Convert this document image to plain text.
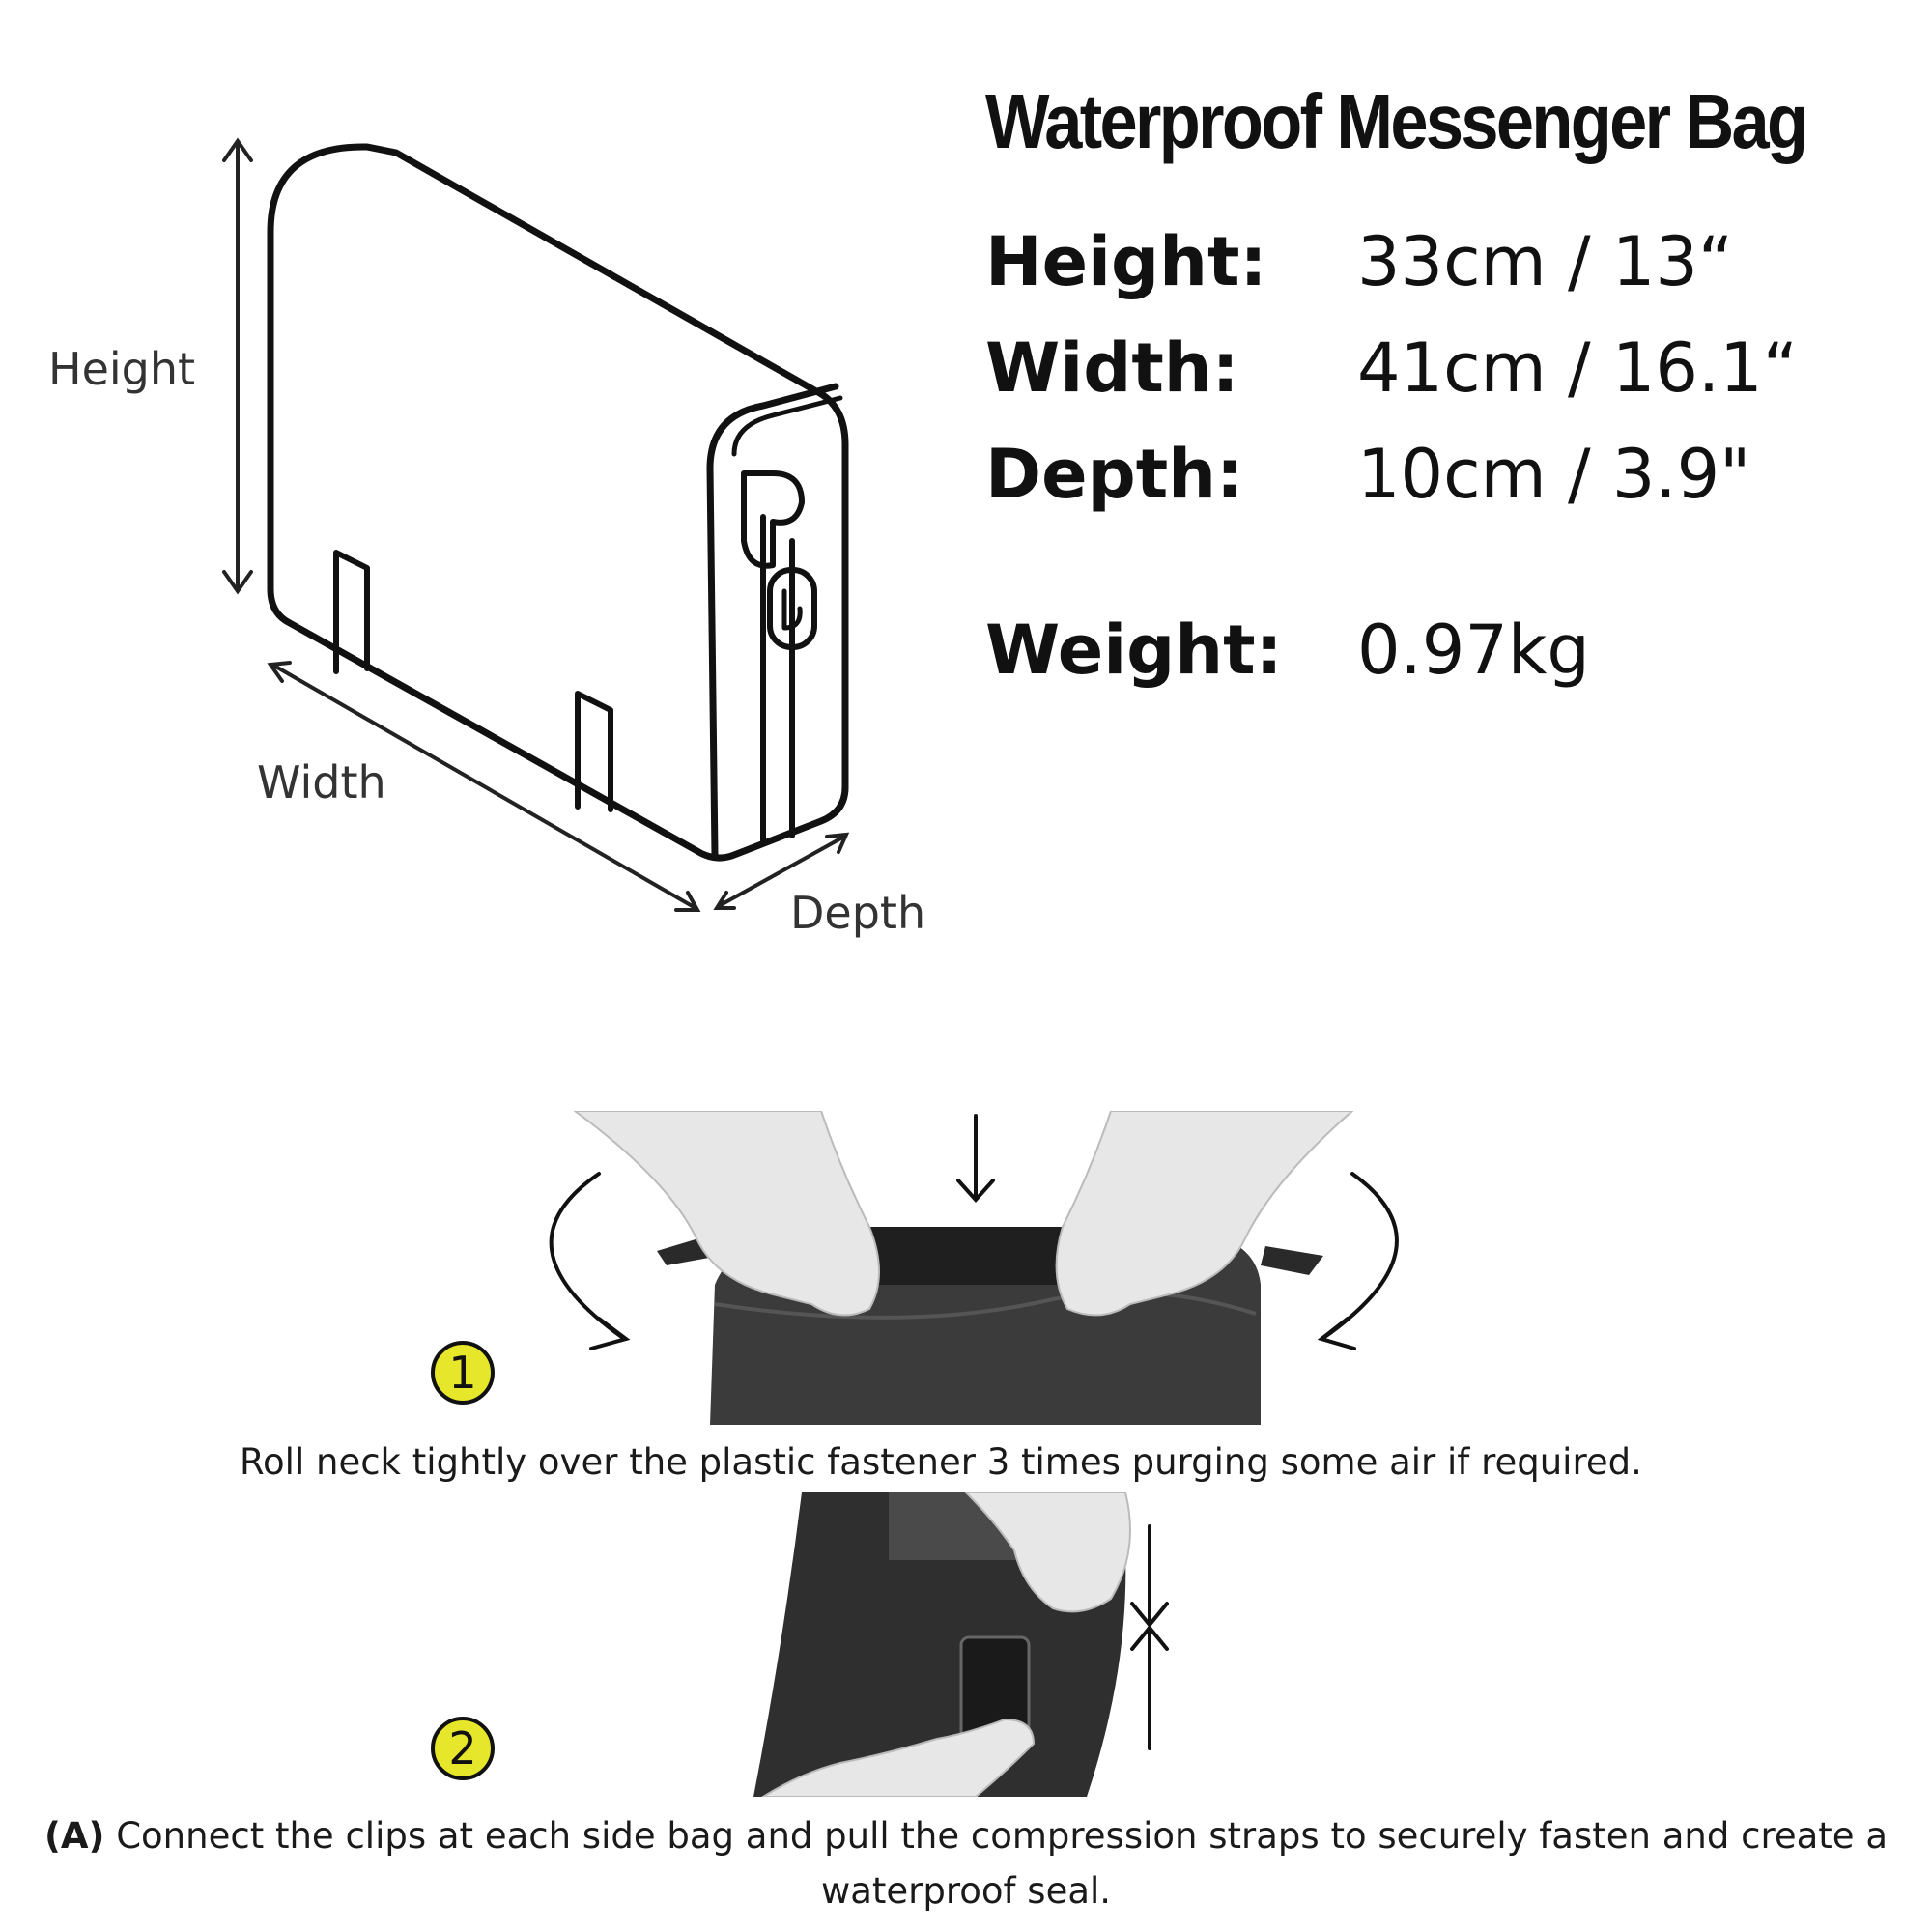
Height
Width
Depth
Waterproof Messenger Bag
Height: 33cm / 13“
Width: 41cm / 16.1“
Depth: 10cm / 3.9"
Weight: 0.97kg
1
Roll neck tightly over the plastic fastener 3 times purging some air if required.
2
(A) Connect the clips at each side bag and pull the compression straps to securely fasten and create a waterproof seal.
